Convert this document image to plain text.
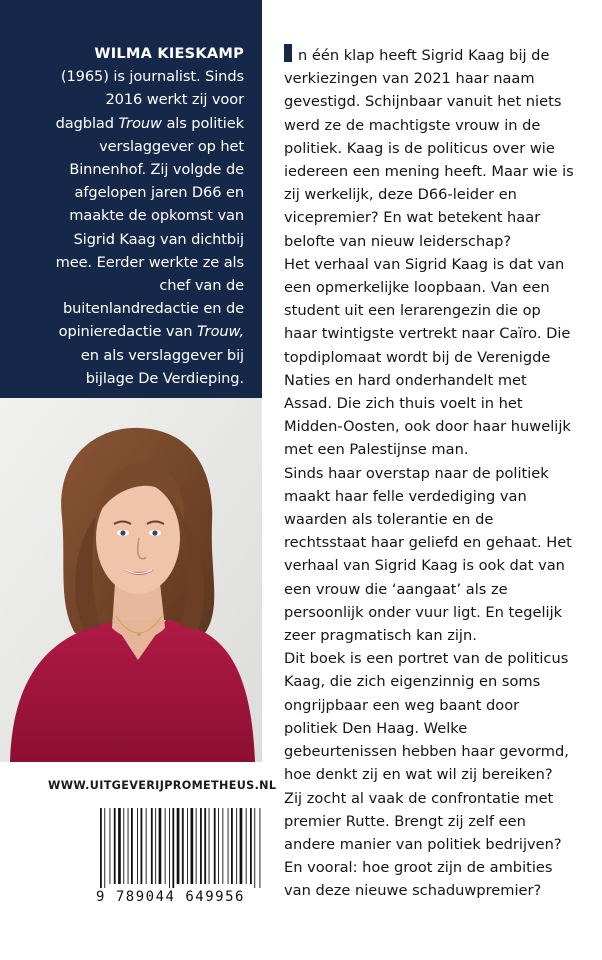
WILMA KIESKAMP (1965) is journalist. Sinds 2016 werkt zij voor dagblad Trouw als politiek verslaggever op het Binnenhof. Zij volgde de afgelopen jaren D66 en maakte de opkomst van Sigrid Kaag van dichtbij mee. Eerder werkte ze als chef van de buitenlandredactie en de opinieredactie van Trouw, en als verslaggever bij bijlage De Verdieping.

WWW.UITGEVERIJPROMETHEUS.NL
9 789044 649956

n één klap heeft Sigrid Kaag bij de verkiezingen van 2021 haar naam gevestigd. Schijnbaar vanuit het niets werd ze de machtigste vrouw in de politiek. Kaag is de politicus over wie iedereen een mening heeft. Maar wie is zij werkelijk, deze D66-leider en vicepremier? En wat betekent haar belofte van nieuw leiderschap?

Het verhaal van Sigrid Kaag is dat van een opmerkelijke loopbaan. Van een student uit een lerarengezin die op haar twintigste vertrekt naar Caïro. Die topdiplomaat wordt bij de Verenigde Naties en hard onderhandelt met Assad. Die zich thuis voelt in het Midden-Oosten, ook door haar huwelijk met een Palestijnse man.

Sinds haar overstap naar de politiek maakt haar felle verdediging van waarden als tolerantie en de rechtsstaat haar geliefd en gehaat. Het verhaal van Sigrid Kaag is ook dat van een vrouw die ‘aangaat’ als ze persoonlijk onder vuur ligt. En tegelijk zeer pragmatisch kan zijn.

Dit boek is een portret van de politicus Kaag, die zich eigenzinnig en soms ongrijpbaar een weg baant door politiek Den Haag. Welke gebeurtenissen hebben haar gevormd, hoe denkt zij en wat wil zij bereiken? Zij zocht al vaak de confrontatie met premier Rutte. Brengt zij zelf een andere manier van politiek bedrijven? En vooral: hoe groot zijn de ambities van deze nieuwe schaduwpremier?
